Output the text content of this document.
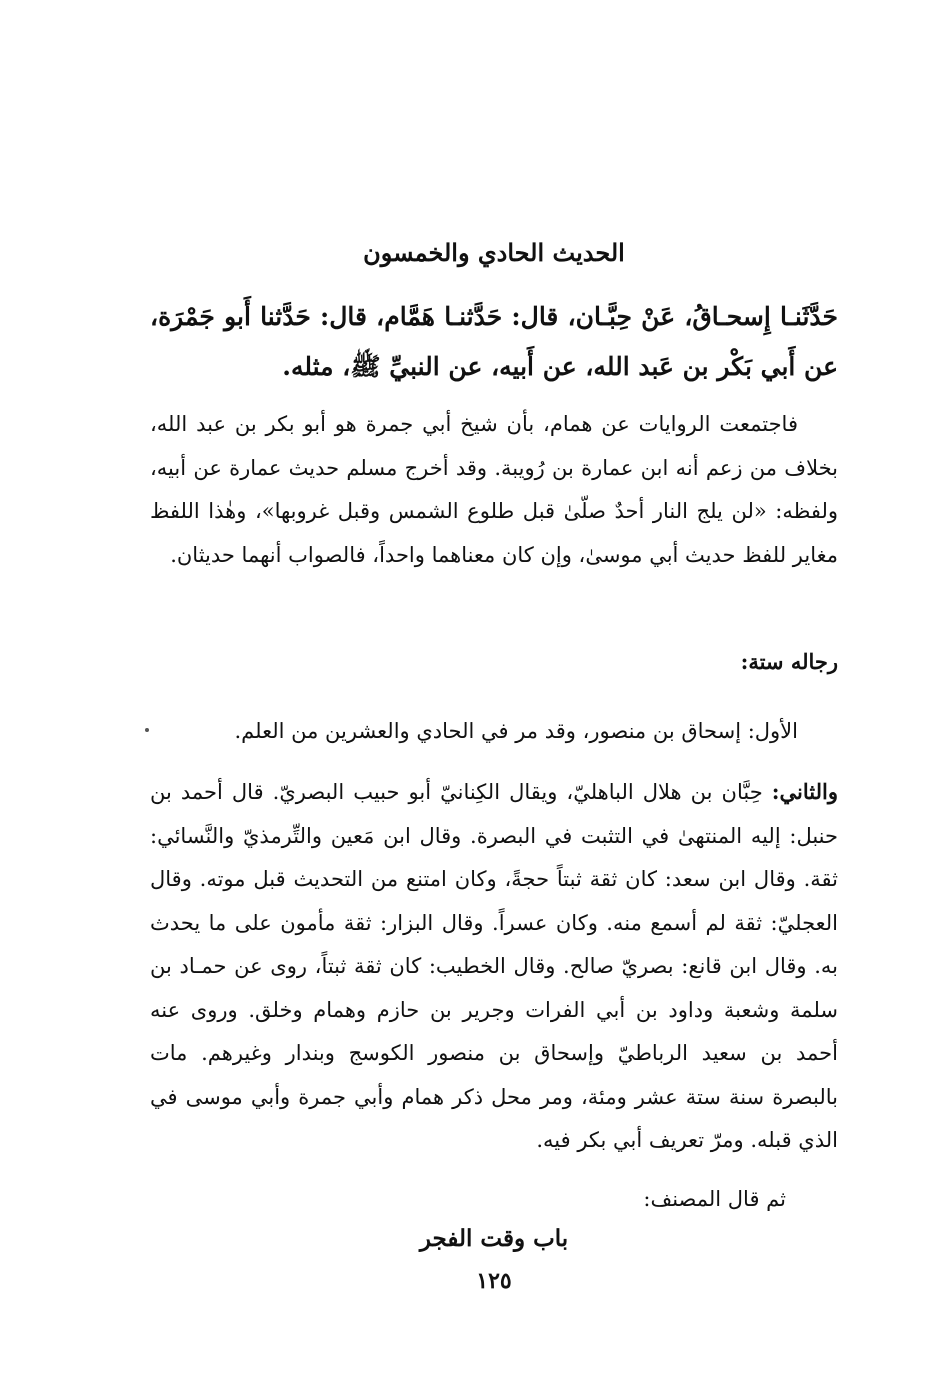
الحديث الحادي والخمسون
حَدَّثَنـا إِسحـاقُ، عَنْ حِبَّـان، قال: حَدَّثنـا هَمَّام، قال: حَدَّثنا أَبو جَمْرَة، عن أَبي بَكْر بن عَبد الله، عن أَبيه، عن النبيِّ ﷺ، مثله.
فاجتمعت الروايات عن همام، بأن شيخ أبي جمرة هو أبو بكر بن عبد الله، بخلاف من زعم أنه ابن عمارة بن رُويبة. وقد أخرج مسلم حديث عمارة عن أبيه، ولفظه: «لن يلج النار أحدٌ صلّىٰ قبل طلوع الشمس وقبل غروبها»، وهٰذا اللفظ مغاير للفظ حديث أبي موسىٰ، وإن كان معناهما واحداً، فالصواب أنهما حديثان.
رجاله ستة:
الأول: إسحاق بن منصور، وقد مر في الحادي والعشرين من العلم.
والثاني: حِبَّان بن هلال الباهليّ، ويقال الكِنانيّ أبو حبيب البصريّ. قال أحمد بن حنبل: إليه المنتهىٰ في التثبت في البصرة. وقال ابن مَعين والتِّرمذيّ والنَّسائي: ثقة. وقال ابن سعد: كان ثقة ثبتاً حجةً، وكان امتنع من التحديث قبل موته. وقال العجليّ: ثقة لم أسمع منه. وكان عسراً. وقال البزار: ثقة مأمون على ما يحدث به. وقال ابن قانع: بصريّ صالح. وقال الخطيب: كان ثقة ثبتاً، روى عن حمـاد بن سلمة وشعبة وداود بن أبي الفرات وجرير بن حازم وهمام وخلق. وروى عنه أحمد بن سعيد الرباطيّ وإسحاق بن منصور الكوسج وبندار وغيرهم. مات بالبصرة سنة ستة عشر ومئة، ومر محل ذكر همام وأبي جمرة وأبي موسى في الذي قبله. ومرّ تعريف أبي بكر فيه.
ثم قال المصنف:
باب وقت الفجر
١٢٥
